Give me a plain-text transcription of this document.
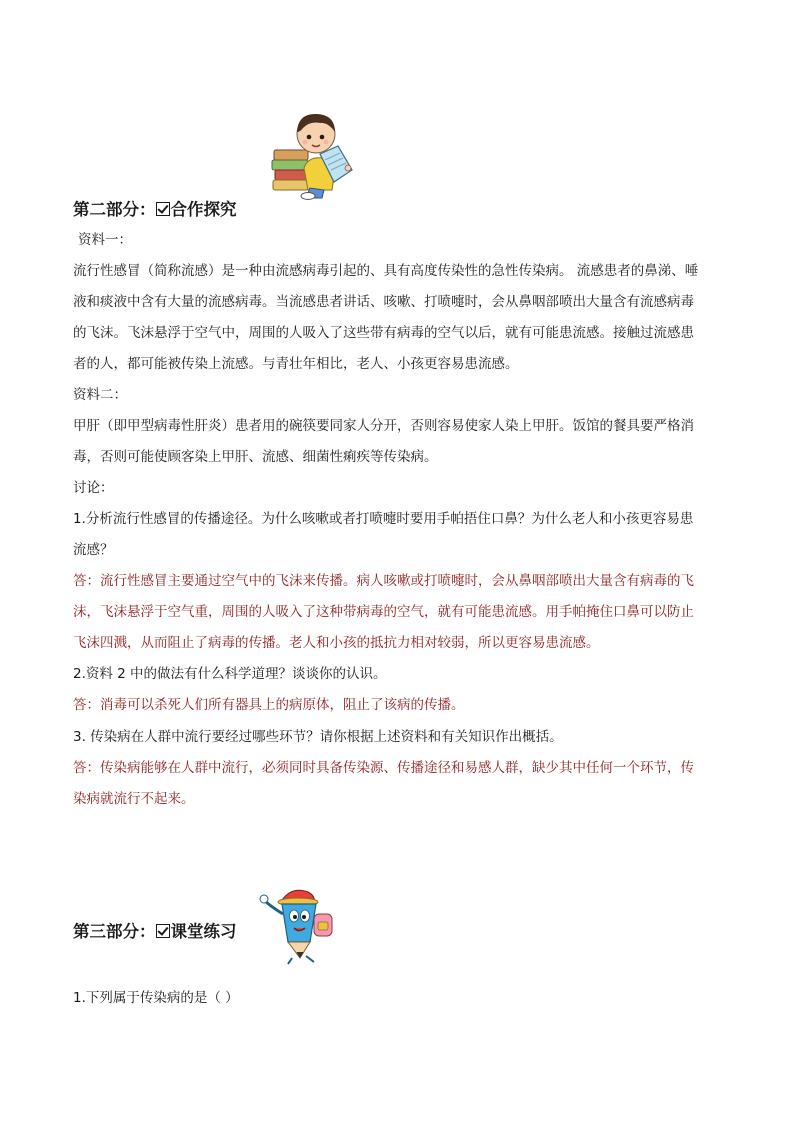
第二部分： 合作探究
资料一：
流行性感冒（简称流感）是一种由流感病毒引起的、具有高度传染性的急性传染病。 流感患者的鼻涕、唾
液和痰液中含有大量的流感病毒。当流感患者讲话、咳嗽、打喷嚏时，会从鼻咽部喷出大量含有流感病毒
的飞沫。飞沫悬浮于空气中，周围的人吸入了这些带有病毒的空气以后，就有可能患流感。接触过流感患
者的人，都可能被传染上流感。与青壮年相比，老人、小孩更容易患流感。
资料二：
甲肝（即甲型病毒性肝炎）患者用的碗筷要同家人分开，否则容易使家人染上甲肝。饭馆的餐具要严格消
毒，否则可能使顾客染上甲肝、流感、细菌性痢疾等传染病。
讨论：
1.分析流行性感冒的传播途径。为什么咳嗽或者打喷嚏时要用手帕捂住口鼻？为什么老人和小孩更容易患
流感？
答：流行性感冒主要通过空气中的飞沫来传播。病人咳嗽或打喷嚏时，会从鼻咽部喷出大量含有病毒的飞
沫，飞沫悬浮于空气重，周围的人吸入了这种带病毒的空气，就有可能患流感。用手帕掩住口鼻可以防止
飞沫四溅，从而阻止了病毒的传播。老人和小孩的抵抗力相对较弱，所以更容易患流感。
2.资料 2 中的做法有什么科学道理？谈谈你的认识。
答：消毒可以杀死人们所有器具上的病原体，阻止了该病的传播。
3. 传染病在人群中流行要经过哪些环节？请你根据上述资料和有关知识作出概括。
答：传染病能够在人群中流行，必须同时具备传染源、传播途径和易感人群，缺少其中任何一个环节，传
染病就流行不起来。
第三部分： 课堂练习
1.下列属于传染病的是（ ）
